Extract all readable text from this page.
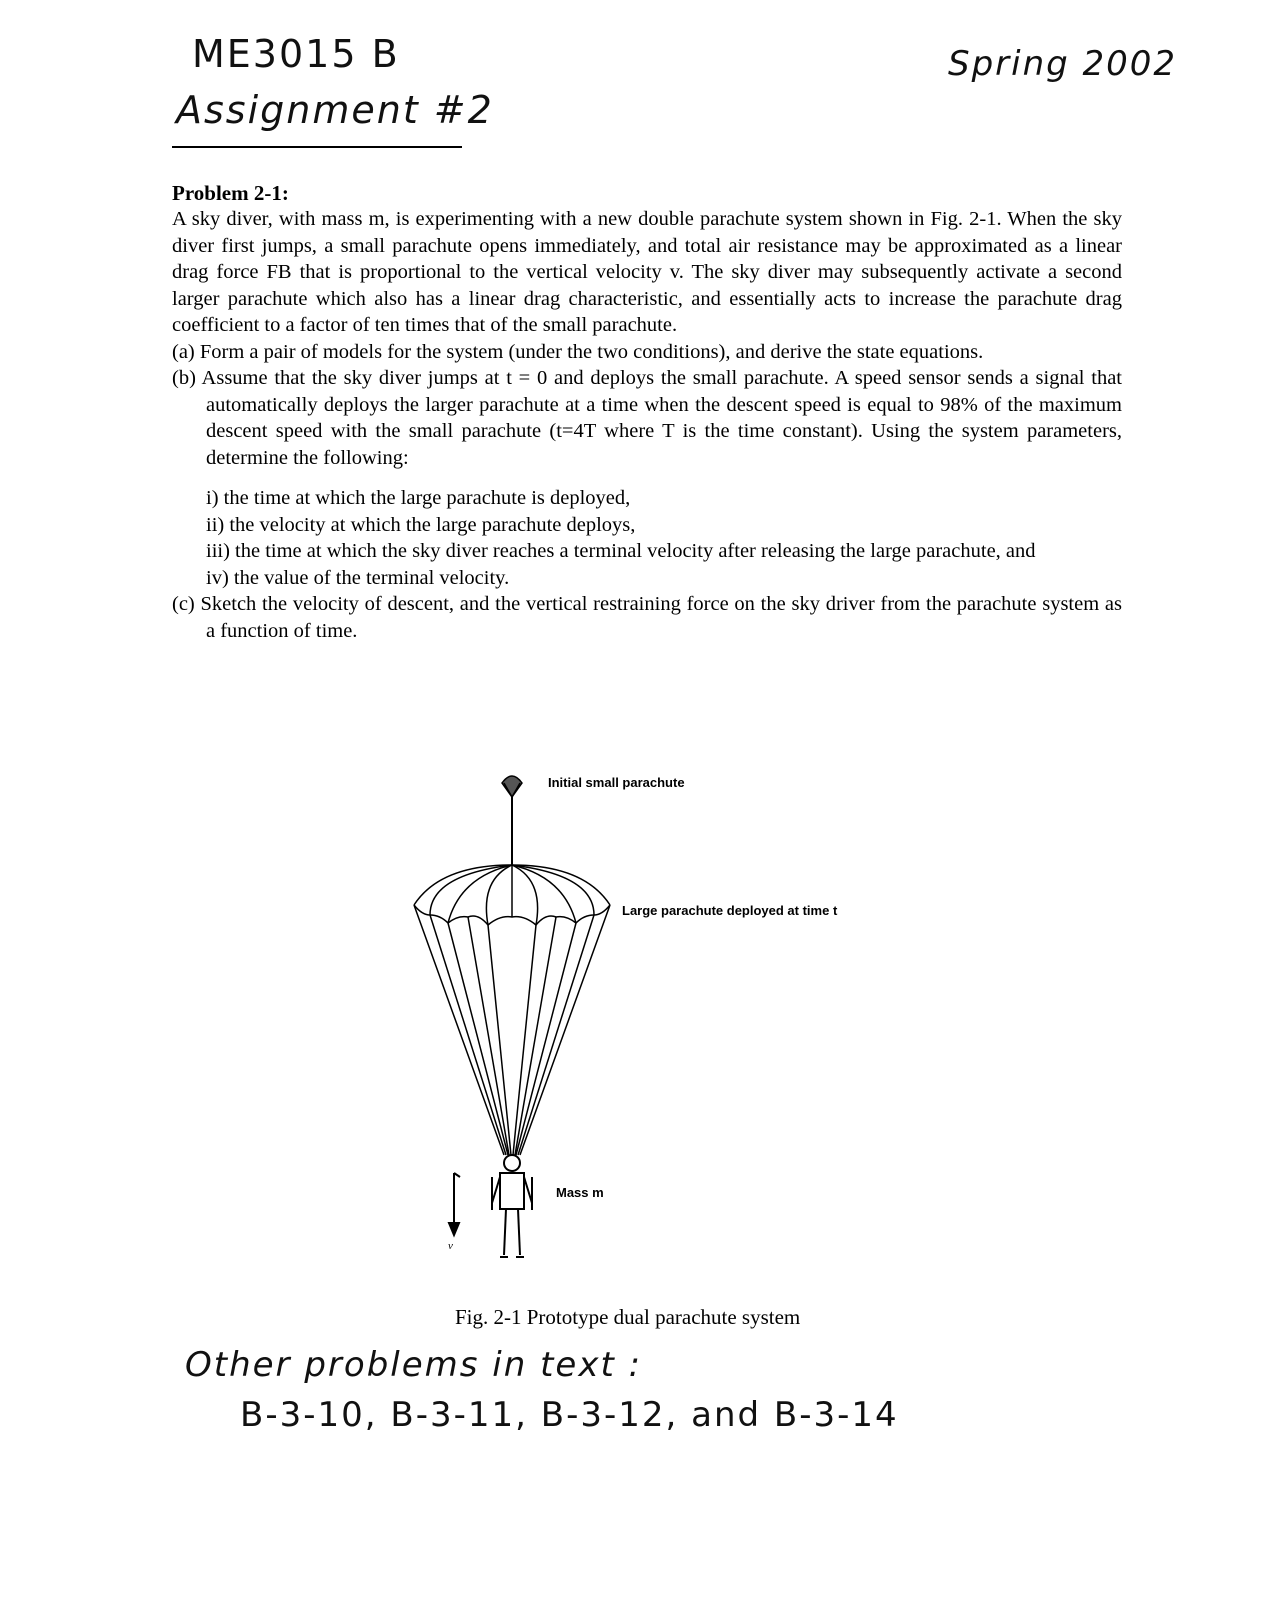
ME3015 B
Assignment #2
Spring 2002
Problem 2-1:

A sky diver, with mass m, is experimenting with a new double parachute system shown in Fig. 2-1. When the sky diver first jumps, a small parachute opens immediately, and total air resistance may be approximated as a linear drag force FB that is proportional to the vertical velocity v. The sky diver may subsequently activate a second larger parachute which also has a linear drag characteristic, and essentially acts to increase the parachute drag coefficient to a factor of ten times that of the small parachute.

(a) Form a pair of models for the system (under the two conditions), and derive the state equations.

(b) Assume that the sky diver jumps at t = 0 and deploys the small parachute. A speed sensor sends a signal that automatically deploys the larger parachute at a time when the descent speed is equal to 98% of the maximum descent speed with the small parachute (t=4T where T is the time constant). Using the system parameters, determine the following:

i) the time at which the large parachute is deployed,
ii) the velocity at which the large parachute deploys,
iii) the time at which the sky diver reaches a terminal velocity after releasing the large parachute, and
iv) the value of the terminal velocity.

(c) Sketch the velocity of descent, and the vertical restraining force on the sky driver from the parachute system as a function of time.

Initial small parachute
Large parachute deployed at time t
Mass m
v
Fig. 2-1 Prototype dual parachute system
Other problems in text :
B-3-10, B-3-11, B-3-12, and B-3-14
